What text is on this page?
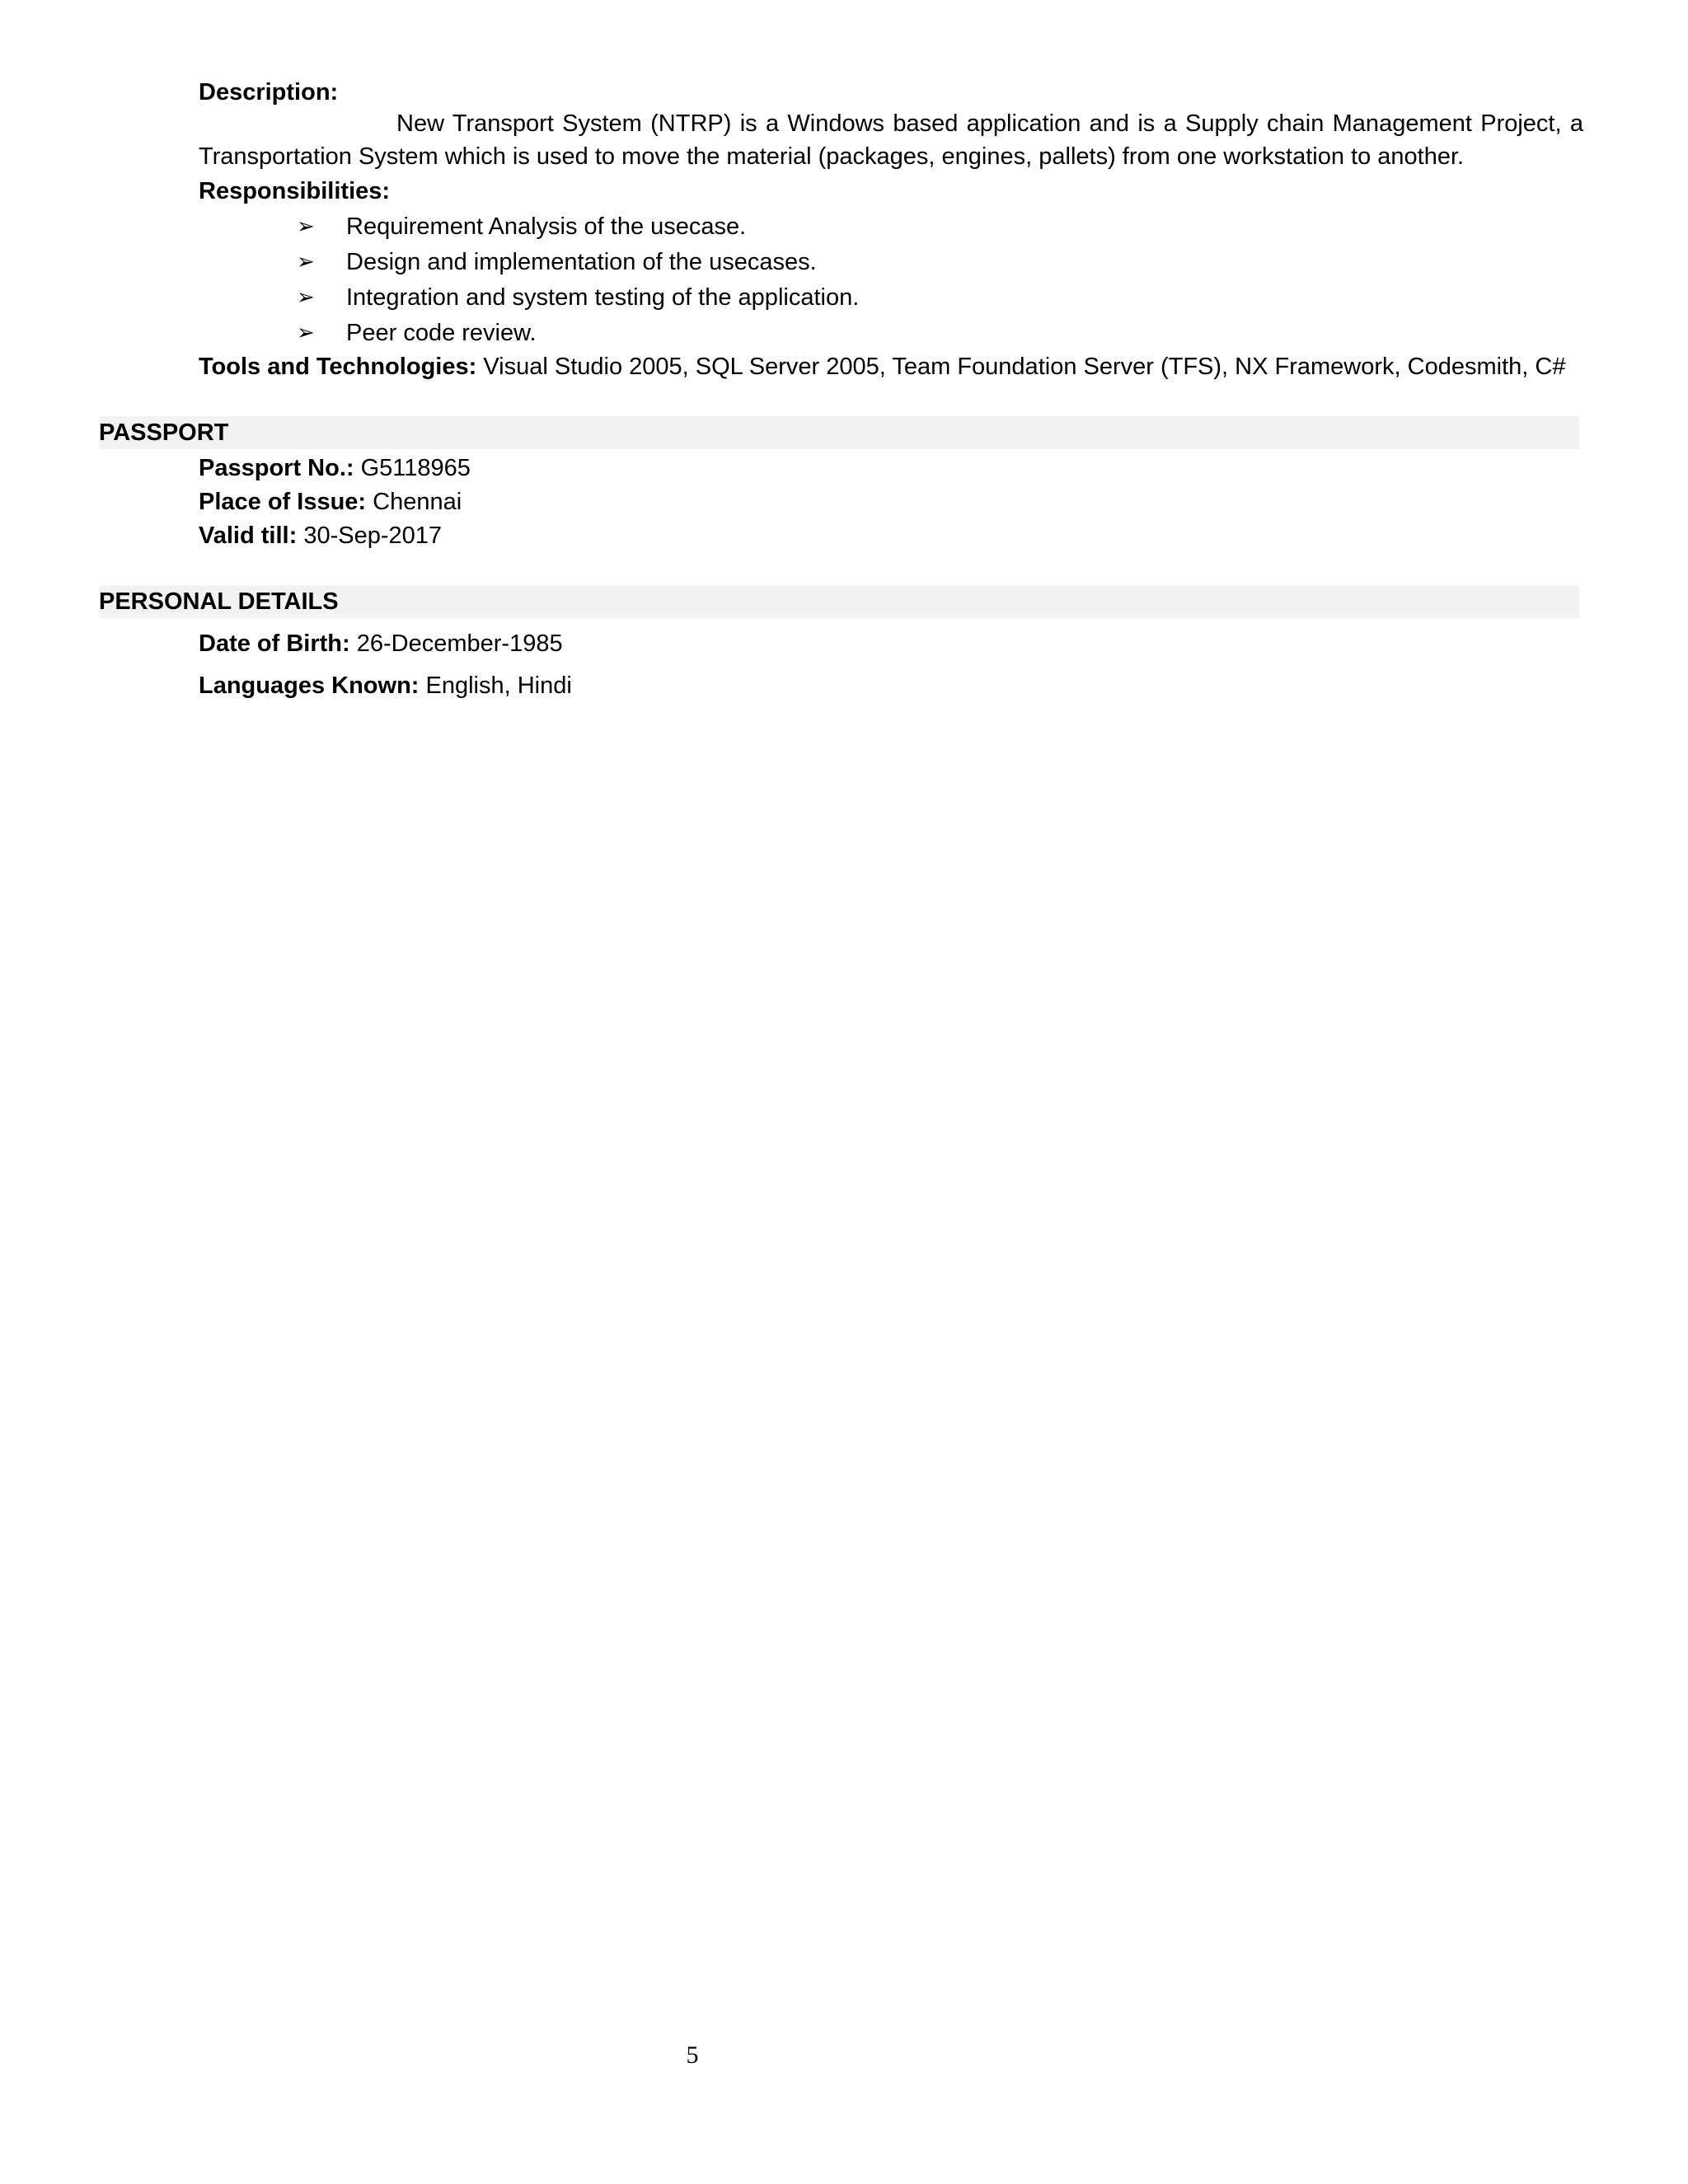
Description:
New Transport System (NTRP) is a Windows based application and is a Supply chain Management Project, a Transportation System which is used to move the material (packages, engines, pallets) from one workstation to another.
Responsibilities:
➢	Requirement Analysis of the usecase.
➢	Design and implementation of the usecases.
➢	Integration and system testing of the application.
➢	Peer code review.
Tools and Technologies: Visual Studio 2005, SQL Server 2005, Team Foundation Server (TFS), NX Framework, Codesmith, C#
PASSPORT
Passport No.: G5118965
Place of Issue: Chennai
Valid till: 30-Sep-2017
PERSONAL DETAILS
Date of Birth: 26-December-1985
Languages Known: English, Hindi
5
